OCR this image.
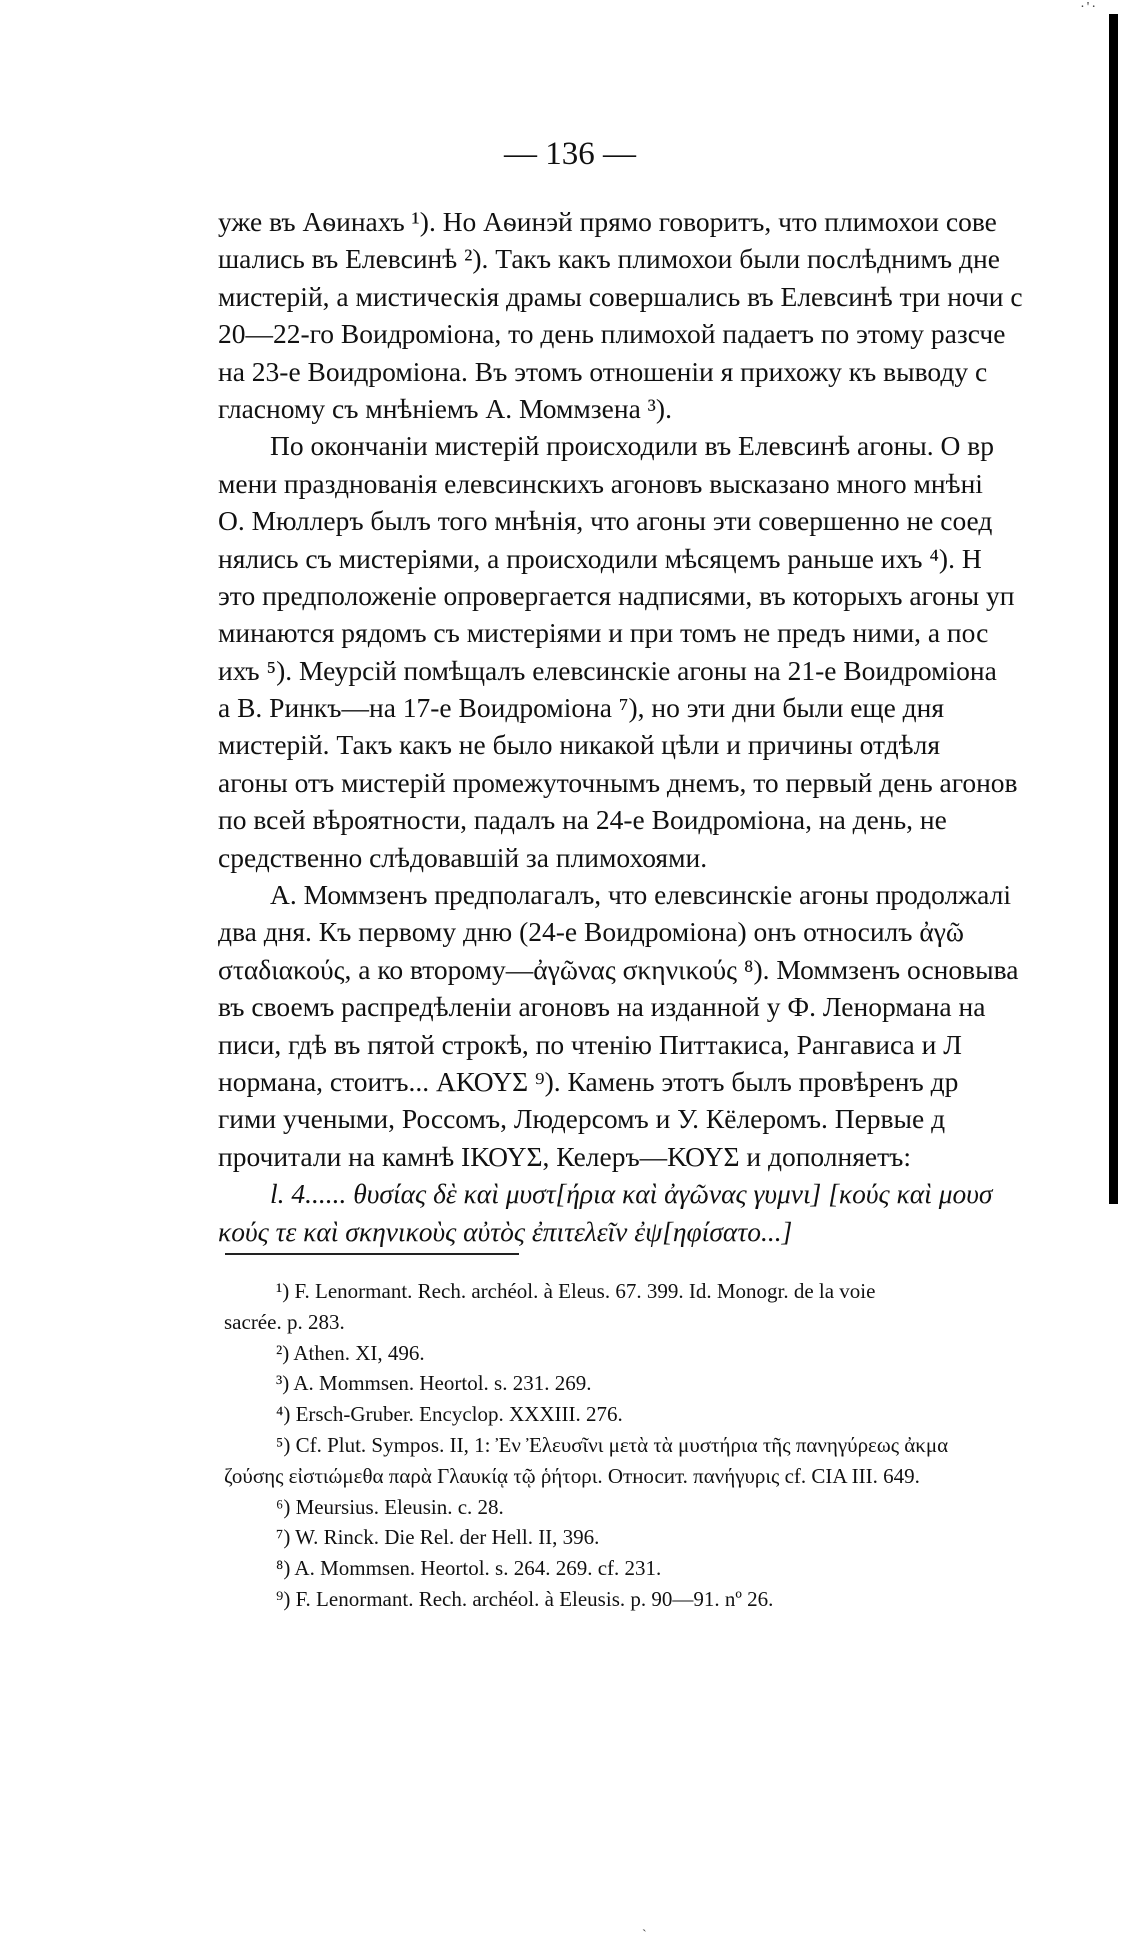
·'·
— 136 —
уже въ Аѳинахъ ¹). Но Аѳинэй прямо говоритъ, что плимохои сове
шались въ Елевсинѣ ²). Такъ какъ плимохои были послѣднимъ дне
мистерій, а мистическія драмы совершались въ Елевсинѣ три ночи с
20—22-го Воидроміона, то день плимохой падаетъ по этому разсче
на 23-е Воидроміона. Въ этомъ отношеніи я прихожу къ выводу с
гласному съ мнѣніемъ А. Моммзена ³).
По окончаніи мистерій происходили въ Елевсинѣ агоны. О вр
мени празднованія елевсинскихъ агоновъ высказано много мнѣні
О. Мюллеръ былъ того мнѣнія, что агоны эти совершенно не соед
нялись съ мистеріями, а происходили мѣсяцемъ раньше ихъ ⁴). Н
это предположеніе опровергается надписями, въ которыхъ агоны уп
минаются рядомъ съ мистеріями и при томъ не предъ ними, а пос
ихъ ⁵). Меурсій помѣщалъ елевсинскіе агоны на 21-е Воидроміона
а В. Ринкъ—на 17-е Воидроміона ⁷), но эти дни были еще дня
мистерій. Такъ какъ не было никакой цѣли и причины отдѣля
агоны отъ мистерій промежуточнымъ днемъ, то первый день агонов
по всей вѣроятности, падалъ на 24-е Воидроміона, на день, не
средственно слѣдовавшій за плимохоями.
А. Моммзенъ предполагалъ, что елевсинскіе агоны продолжалі
два дня. Къ первому дню (24-е Воидроміона) онъ относилъ ἀγῶ
σταδιακούς, а ко второму—ἀγῶνας σκηνικούς ⁸). Моммзенъ основыва
въ своемъ распредѣленіи агоновъ на изданной у Ф. Ленормана на
писи, гдѣ въ пятой строкѣ, по чтенію Питтакиса, Рангависа и Л
нормана, стоитъ... ΑΚΟΥΣ ⁹). Камень этотъ былъ провѣренъ др
гими учеными, Россомъ, Людерсомъ и У. Кёлеромъ. Первые д
прочитали на камнѣ ΙΚΟΥΣ, Келеръ—ΚΟΥΣ и дополняетъ:
l. 4...... θυσίας δὲ καὶ μυστ[ήρια καὶ ἀγῶνας γυμνι] [κούς καὶ μουσ
κούς τε καὶ σκηνικοὺς αὐτὸς ἐπιτελεῖν ἐψ[ηφίσατο...]
¹) F. Lenormant. Rech. archéol. à Eleus. 67. 399. Id. Monogr. de la voie
sacrée. p. 283.
²) Athen. XI, 496.
³) A. Mommsen. Heortol. s. 231. 269.
⁴) Ersch-Gruber. Encyclop. XXXIII. 276.
⁵) Cf. Plut. Sympos. II, 1: Ἐν Ἐλευσῖνι μετὰ τὰ μυστήρια τῆς πανηγύρεως ἀκμα
ζούσης εἰστιώμεθα παρὰ Γλαυκίᾳ τῷ ῥήτορι. Относит. πανήγυρις cf. CIA III. 649.
⁶) Meursius. Eleusin. c. 28.
⁷) W. Rinck. Die Rel. der Hell. II, 396.
⁸) A. Mommsen. Heortol. s. 264. 269. cf. 231.
⁹) F. Lenormant. Rech. archéol. à Eleusis. p. 90—91. nº 26.
`
